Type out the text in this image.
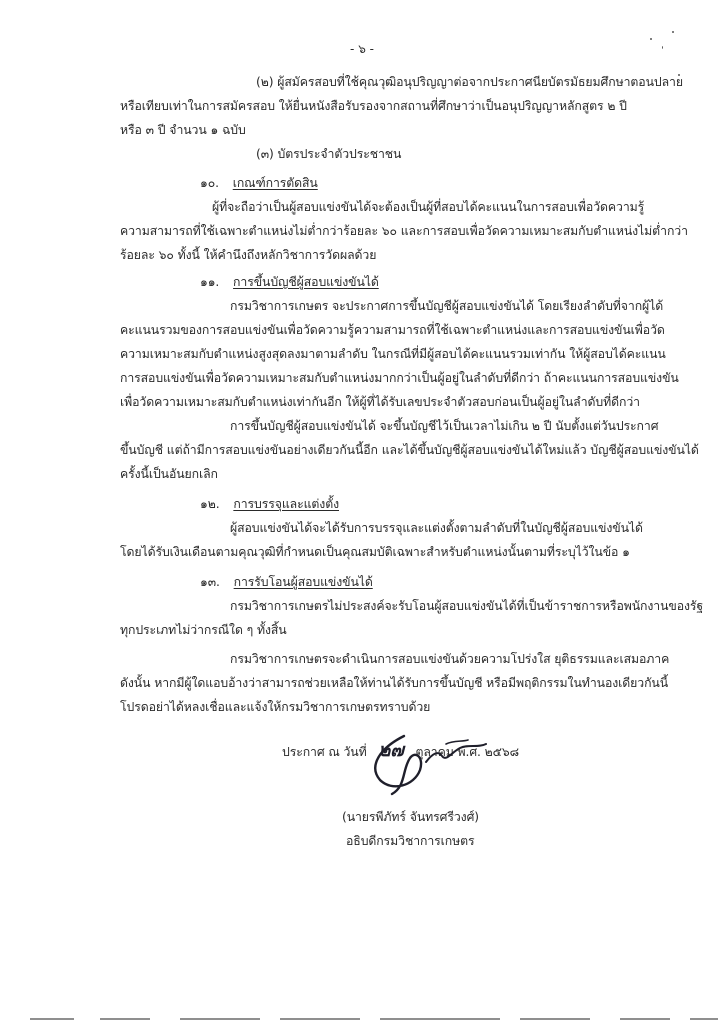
- ๖ -
(๒) ผู้สมัครสอบที่ใช้คุณวุฒิอนุปริญญาต่อจากประกาศนียบัตรมัธยมศึกษาตอนปลาย
หรือเทียบเท่าในการสมัครสอบ ให้ยื่นหนังสือรับรองจากสถานที่ศึกษาว่าเป็นอนุปริญญาหลักสูตร ๒ ปี
หรือ ๓ ปี จำนวน ๑ ฉบับ
(๓) บัตรประจำตัวประชาชน
๑๐. เกณฑ์การตัดสิน
ผู้ที่จะถือว่าเป็นผู้สอบแข่งขันได้จะต้องเป็นผู้ที่สอบได้คะแนนในการสอบเพื่อวัดความรู้
ความสามารถที่ใช้เฉพาะตำแหน่งไม่ต่ำกว่าร้อยละ ๖๐ และการสอบเพื่อวัดความเหมาะสมกับตำแหน่งไม่ต่ำกว่า
ร้อยละ ๖๐ ทั้งนี้ ให้คำนึงถึงหลักวิชาการวัดผลด้วย
๑๑. การขึ้นบัญชีผู้สอบแข่งขันได้
กรมวิชาการเกษตร จะประกาศการขึ้นบัญชีผู้สอบแข่งขันได้ โดยเรียงลำดับที่จากผู้ได้
คะแนนรวมของการสอบแข่งขันเพื่อวัดความรู้ความสามารถที่ใช้เฉพาะตำแหน่งและการสอบแข่งขันเพื่อวัด
ความเหมาะสมกับตำแหน่งสูงสุดลงมาตามลำดับ ในกรณีที่มีผู้สอบได้คะแนนรวมเท่ากัน ให้ผู้สอบได้คะแนน
การสอบแข่งขันเพื่อวัดความเหมาะสมกับตำแหน่งมากกว่าเป็นผู้อยู่ในลำดับที่ดีกว่า ถ้าคะแนนการสอบแข่งขัน
เพื่อวัดความเหมาะสมกับตำแหน่งเท่ากันอีก ให้ผู้ที่ได้รับเลขประจำตัวสอบก่อนเป็นผู้อยู่ในลำดับที่ดีกว่า
การขึ้นบัญชีผู้สอบแข่งขันได้ จะขึ้นบัญชีไว้เป็นเวลาไม่เกิน ๒ ปี นับตั้งแต่วันประกาศ
ขึ้นบัญชี แต่ถ้ามีการสอบแข่งขันอย่างเดียวกันนี้อีก และได้ขึ้นบัญชีผู้สอบแข่งขันได้ใหม่แล้ว บัญชีผู้สอบแข่งขันได้
ครั้งนี้เป็นอันยกเลิก
๑๒. การบรรจุและแต่งตั้ง
ผู้สอบแข่งขันได้จะได้รับการบรรจุและแต่งตั้งตามลำดับที่ในบัญชีผู้สอบแข่งขันได้
โดยได้รับเงินเดือนตามคุณวุฒิที่กำหนดเป็นคุณสมบัติเฉพาะสำหรับตำแหน่งนั้นตามที่ระบุไว้ในข้อ ๑
๑๓. การรับโอนผู้สอบแข่งขันได้
กรมวิชาการเกษตรไม่ประสงค์จะรับโอนผู้สอบแข่งขันได้ที่เป็นข้าราชการหรือพนักงานของรัฐ
ทุกประเภทไม่ว่ากรณีใด ๆ ทั้งสิ้น
กรมวิชาการเกษตรจะดำเนินการสอบแข่งขันด้วยความโปร่งใส ยุติธรรมและเสมอภาค
ดังนั้น หากมีผู้ใดแอบอ้างว่าสามารถช่วยเหลือให้ท่านได้รับการขึ้นบัญชี หรือมีพฤติกรรมในทำนองเดียวกันนี้
โปรดอย่าได้หลงเชื่อและแจ้งให้กรมวิชาการเกษตรทราบด้วย
ประกาศ ณ วันที่ ๒๗ ตุลาคม พ.ศ. ๒๕๖๘
(นายรพีภัทร์ จันทรศรีวงศ์)
อธิบดีกรมวิชาการเกษตร
